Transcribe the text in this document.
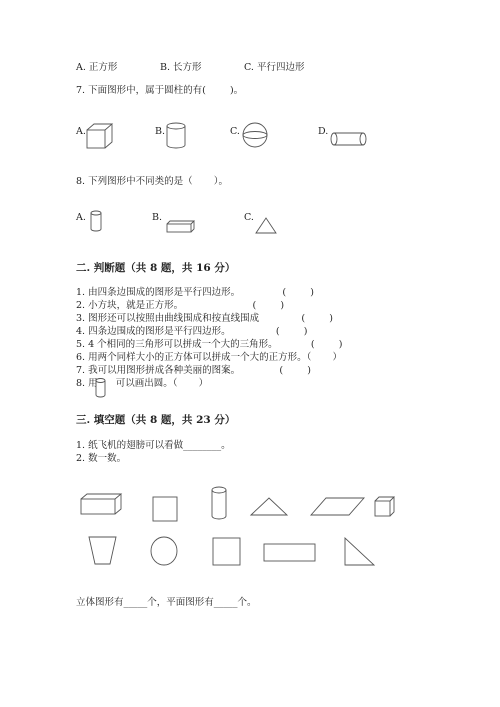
A. 正方形	B. 长方形	C. 平行四边形
7. 下面图形中，属于圆柱的有(        )。
A.	B.	C.	D.
8. 下列图形中不同类的是（       ）。
A.	B.	C.
二. 判断题（共 8 题，共 16 分）
1. 由四条边围成的图形是平行四边形。              (        )
2. 小方块，就是正方形。                       (        )
3. 图形还可以按照由曲线围成和按直线围成              (        )
4. 四条边围成的图形是平行四边形。               (        )
5. 4 个相同的三角形可以拼成一个大的三角形。           (        )
6. 用两个同样大小的正方体可以拼成一个大的正方形。（       ）
7. 我可以用图形拼成各种美丽的图案。             (        )
8. 用      可以画出圆。（       ）
三. 填空题（共 8 题，共 23 分）
1. 纸飞机的翅膀可以看做________。
2. 数一数。
立体图形有_____个，平面图形有_____个。
